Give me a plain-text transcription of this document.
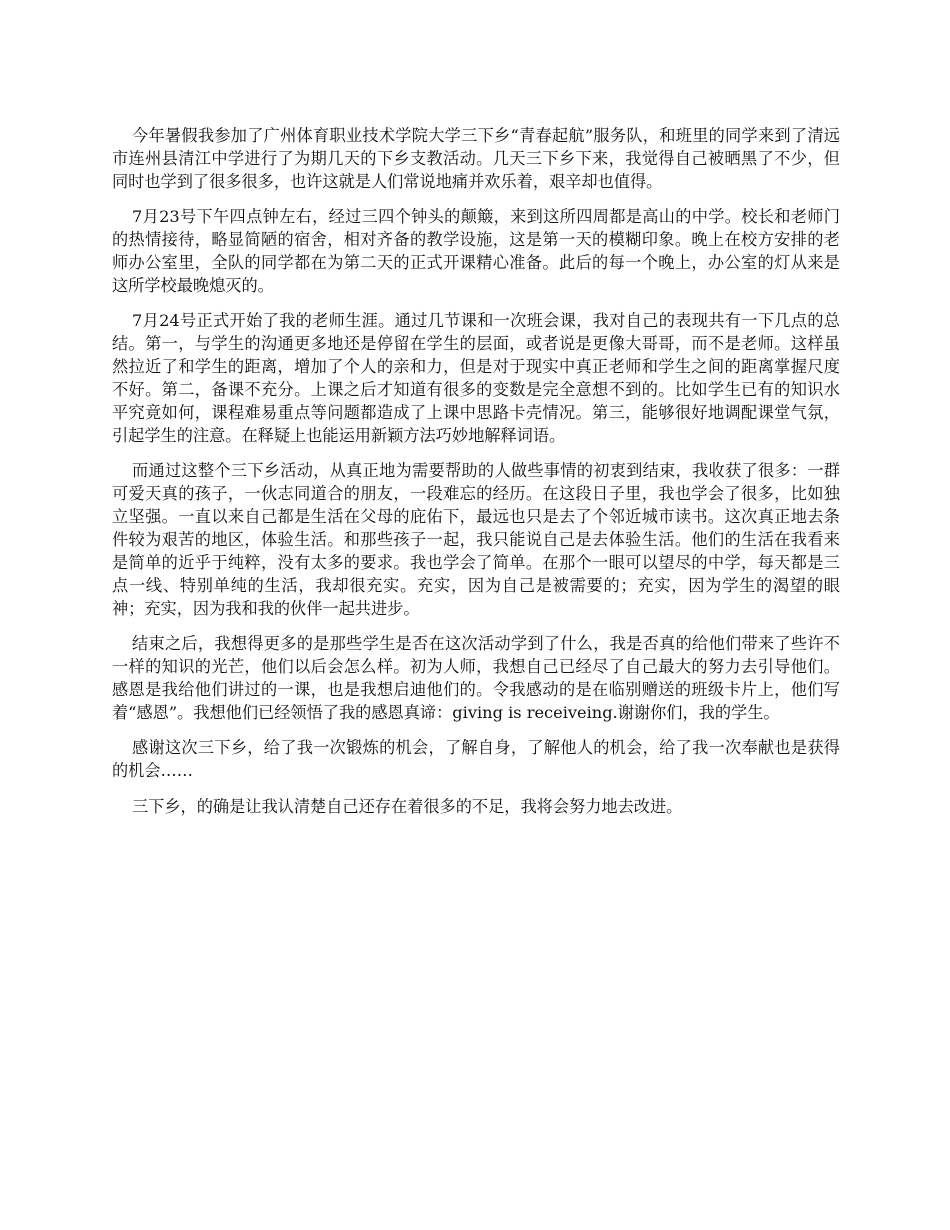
今年暑假我参加了广州体育职业技术学院大学三下乡“青春起航”服务队，和班里的同学来到了清远市连州县清江中学进行了为期几天的下乡支教活动。几天三下乡下来，我觉得自己被晒黑了不少，但同时也学到了很多很多，也许这就是人们常说地痛并欢乐着，艰辛却也值得。

7月23号下午四点钟左右，经过三四个钟头的颠簸，来到这所四周都是高山的中学。校长和老师门的热情接待，略显简陋的宿舍，相对齐备的教学设施，这是第一天的模糊印象。晚上在校方安排的老师办公室里，全队的同学都在为第二天的正式开课精心准备。此后的每一个晚上，办公室的灯从来是这所学校最晚熄灭的。

7月24号正式开始了我的老师生涯。通过几节课和一次班会课，我对自己的表现共有一下几点的总结。第一，与学生的沟通更多地还是停留在学生的层面，或者说是更像大哥哥，而不是老师。这样虽然拉近了和学生的距离，增加了个人的亲和力，但是对于现实中真正老师和学生之间的距离掌握尺度不好。第二，备课不充分。上课之后才知道有很多的变数是完全意想不到的。比如学生已有的知识水平究竟如何，课程难易重点等问题都造成了上课中思路卡壳情况。第三，能够很好地调配课堂气氛，引起学生的注意。在释疑上也能运用新颖方法巧妙地解释词语。

而通过这整个三下乡活动，从真正地为需要帮助的人做些事情的初衷到结束，我收获了很多：一群可爱天真的孩子，一伙志同道合的朋友，一段难忘的经历。在这段日子里，我也学会了很多，比如独立坚强。一直以来自己都是生活在父母的庇佑下，最远也只是去了个邻近城市读书。这次真正地去条件较为艰苦的地区，体验生活。和那些孩子一起，我只能说自己是去体验生活。他们的生活在我看来是简单的近乎于纯粹，没有太多的要求。我也学会了简单。在那个一眼可以望尽的中学，每天都是三点一线、特别单纯的生活，我却很充实。充实，因为自己是被需要的；充实，因为学生的渴望的眼神；充实，因为我和我的伙伴一起共进步。

结束之后，我想得更多的是那些学生是否在这次活动学到了什么，我是否真的给他们带来了些许不一样的知识的光芒，他们以后会怎么样。初为人师，我想自己已经尽了自己最大的努力去引导他们。感恩是我给他们讲过的一课，也是我想启迪他们的。令我感动的是在临别赠送的班级卡片上，他们写着“感恩”。我想他们已经领悟了我的感恩真谛：giving is receiveing.谢谢你们，我的学生。

感谢这次三下乡，给了我一次锻炼的机会，了解自身，了解他人的机会，给了我一次奉献也是获得的机会……

三下乡，的确是让我认清楚自己还存在着很多的不足，我将会努力地去改进。
